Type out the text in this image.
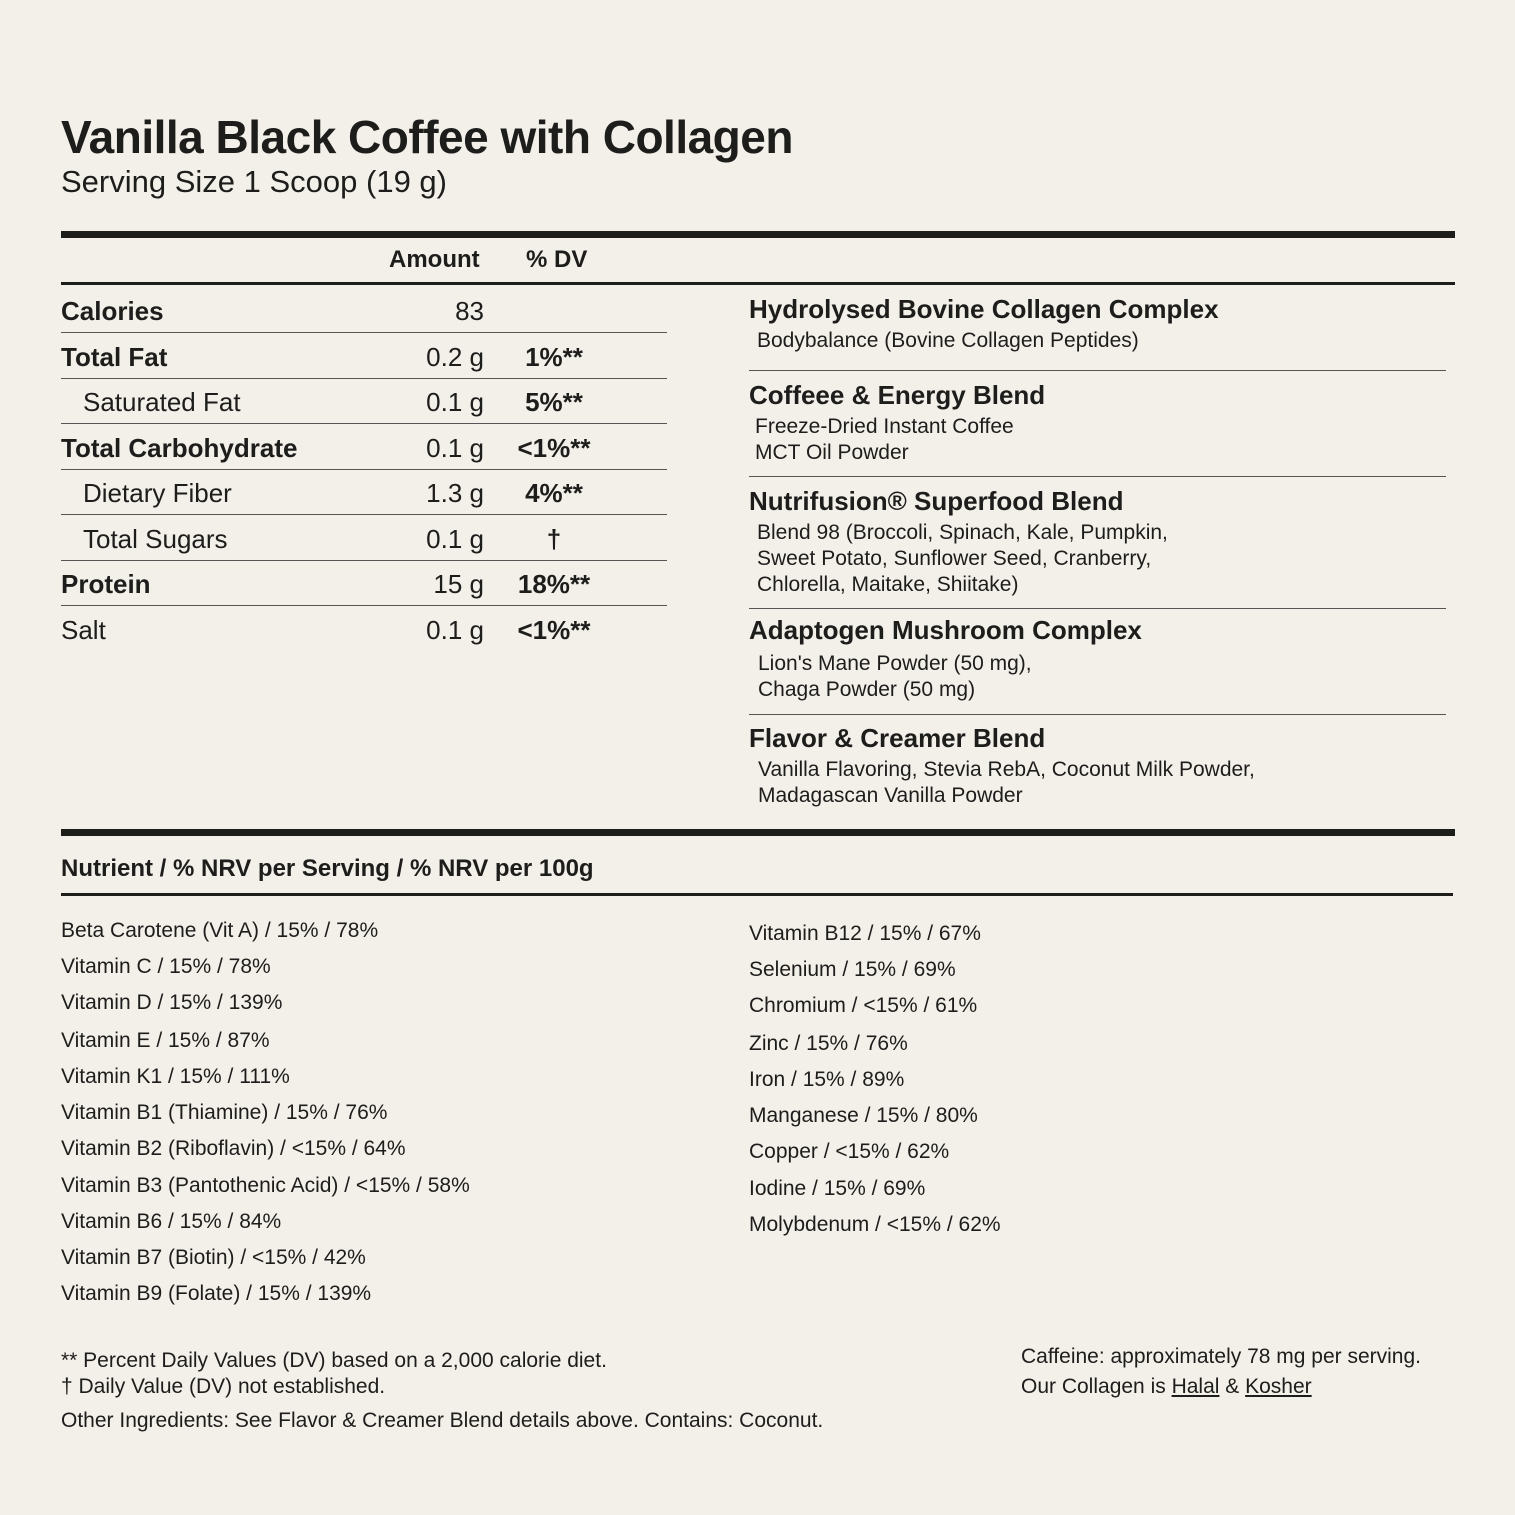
Vanilla Black Coffee with Collagen
Serving Size 1 Scoop (19 g)
Amount % DV
Calories	83
Total Fat	0.2 g	1%**
Saturated Fat	0.1 g	5%**
Total Carbohydrate	0.1 g	<1%**
Dietary Fiber	1.3 g	4%**
Total Sugars	0.1 g	†
Protein	15 g	18%**
Salt	0.1 g	<1%**
Hydrolysed Bovine Collagen Complex
Bodybalance (Bovine Collagen Peptides)
Coffeee & Energy Blend
Freeze-Dried Instant Coffee
MCT Oil Powder
Nutrifusion® Superfood Blend
Blend 98 (Broccoli, Spinach, Kale, Pumpkin,
Sweet Potato, Sunflower Seed, Cranberry,
Chlorella, Maitake, Shiitake)
Adaptogen Mushroom Complex
Lion's Mane Powder (50 mg),
Chaga Powder (50 mg)
Flavor & Creamer Blend
Vanilla Flavoring, Stevia RebA, Coconut Milk Powder,
Madagascan Vanilla Powder
Nutrient / % NRV per Serving / % NRV per 100g
Beta Carotene (Vit A) / 15% / 78%
Vitamin C / 15% / 78%
Vitamin D / 15% / 139%
Vitamin E / 15% / 87%
Vitamin K1 / 15% / 111%
Vitamin B1 (Thiamine) / 15% / 76%
Vitamin B2 (Riboflavin) / <15% / 64%
Vitamin B3 (Pantothenic Acid) / <15% / 58%
Vitamin B6 / 15% / 84%
Vitamin B7 (Biotin) / <15% / 42%
Vitamin B9 (Folate) / 15% / 139%
Vitamin B12 / 15% / 67%
Selenium / 15% / 69%
Chromium / <15% / 61%
Zinc / 15% / 76%
Iron / 15% / 89%
Manganese / 15% / 80%
Copper / <15% / 62%
Iodine / 15% / 69%
Molybdenum / <15% / 62%
** Percent Daily Values (DV) based on a 2,000 calorie diet.
† Daily Value (DV) not established.
Other Ingredients: See Flavor & Creamer Blend details above. Contains: Coconut.
Caffeine: approximately 78 mg per serving.
Our Collagen is Halal & Kosher
